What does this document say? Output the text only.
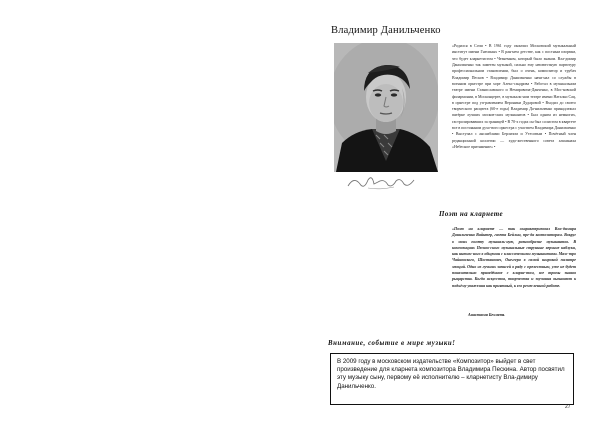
Владимир Данильченко
«Родился в Сочи • В 1961 году окончил Московский музыкальный институт имени Гнесиных • В ран-нем детстве, как с постным изорвам, что будет кларнетистом • Чезнемком, который было знаком. Вла-димир Данильченко так заметен музыкой, сильно ему неизвестную партитуру профессиональном становлении, был о очень, композитор и трубач Владимир Песков • Владимир Данильченко начи-нал со службы в военном оркестре при хоре Алекс-сандрова • Работал в музыкальном театре имени Станиславского и Немировича-Данченко, в Мос-ковской филармонии, в Москонцерте, в музыкаль-ном театре имени Натальи Сац, в оркестре под уп-равлением Вероники Дударовой • Входил до своего творческого расцвета (60-е годы) Владимир Да-нильченко принадлежал пятёрке лучших москов-ских музыкантов • Был одним из немногих, гастролировавших за границей • В 70-х годах он был солистом в квартете все в постоянном духо-вого оркестра с участием Владимира Данильченко • Выступал с ансамблями Берлизом и Утесовым • Почётный член редакционной коллегии — худо-жественного совета альманаха «Небесное притяжение» •
Поэт на кларнете
«Поэт на кларнете — так охарактеризовал Вла-димира Данильченко Вайнтер, газета Бейлин, пре-да композиторам. Вокруг в моих полету музыкаль-ную, разнообразие музыкантов. В композициях Песков-ского музыкальные струнные верхние каблуки, как интим-ного в общении с классическими музыкантами. Маэс-тро Чайковского, Шостакович, Онеггера в самой широкой палитре эмоций. Одно из лучших записей в ряду с прелестным, уже не будет показательно приведённое с кларне-том, все тропы знаков рыцарства. Когда искусства, творчества и звучания вызывают к подъёму уважения как приятный, к его ремесленной работе.
Анастасия Бехметь
Внимание, событие в мире музыки!
В 2009 году в московском издательстве «Композитор» выйдет в свет произведение для кларнета композитора Владимира Пескина. Автор посвятил эту музыку сыну, первому её исполнителю – кларнетисту Вла-димиру Данильченко.
27
